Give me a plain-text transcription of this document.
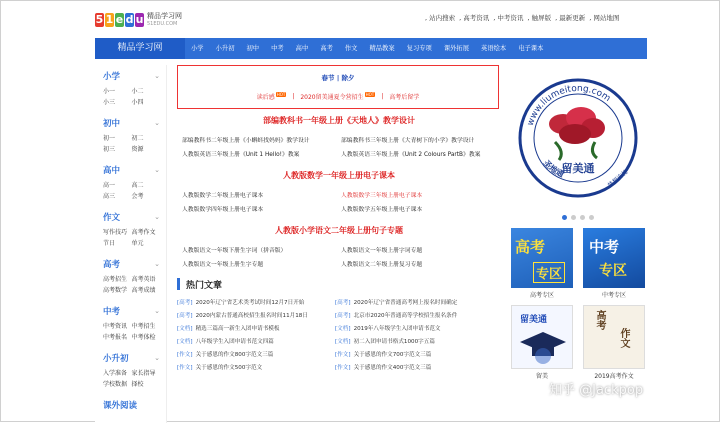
5 1 e d u 精品学习网
51EDU.COM
, 站内搜索 , 高考资讯 , 中考资讯 , 触屏版 , 最新更新 , 网站地图
精品学习网	小学	小升初	初中	中考	高中	高考	作文	精品教案	复习专项	课外拓展	英语绘本	电子课本
小学	⌄
小一	小二
小三	小四
初中	⌄
初一	初二
初三	资源
高中	⌄
高一	高二
高三	会考
作文	⌄
写作技巧 高考作文
节日	单元
高考	⌄
高考招生 高考英语
高考数学 高考成绩
中考	⌄
中考资讯 中考招生
中考报名 中考体检
小升初	⌄
入学准备 家长指导
学校数据 择校
课外阅读
春节 | 除夕
读后感 HOT | 2020留美通夏令营招生 HOT | 高考后留学
部编教科书一年级上册《天地人》教学设计
部编教科书二年级上册《小蝌蚪找妈妈》教学设计	部编教科书三年级上册《大青树下的小学》教学设计
人教版英语三年级上册《Unit 1 Hello!》教案	人教版英语三年级上册《Unit 2 Colours PartB》教案
人教版数学一年级上册电子课本
人教版数学二年级上册电子课本	人教版数学三年级上册电子课本
人教版数学四年级上册电子课本	人教版数学五年级上册电子课本
人教版小学语文二年级上册句子专题
人教版语文一年级下册生字词（拼音版）	人教版语文一年级上册字词专题
人教版语文一年级上册生字专题	人教版语文二年级上册复习专题
热门文章
[高考] 2020年辽宁省艺术类考试时间12月7日开始	[高考] 2020年辽宁省普通高考网上报名时间确定
[高考] 2020内蒙古普通高校招生报名时间11月18日	[高考] 北京市2020年普通高等学校招生报名条件
[文档] 精选三篇高一新生入团申请书模板	[文档] 2019年八年级学生入团申请书范文
[文档] 八年级学生入团申请书范文四篇	[文档] 初二入团申请书格式1000字五篇
[作文] 关于感恩的作文800字范文三篇	[作文] 关于感恩的作文700字范文三篇
[作文] 关于感恩的作文500字范文	[作文] 关于感恩的作文400字范文三篇
www.liumeitong.com
圣地通
留美通 梦想连接
高考
专区
高考专区
中考
专区
中考专区
留美通
留美
高考
作文
2019高考作文
知乎 @Jackpop
